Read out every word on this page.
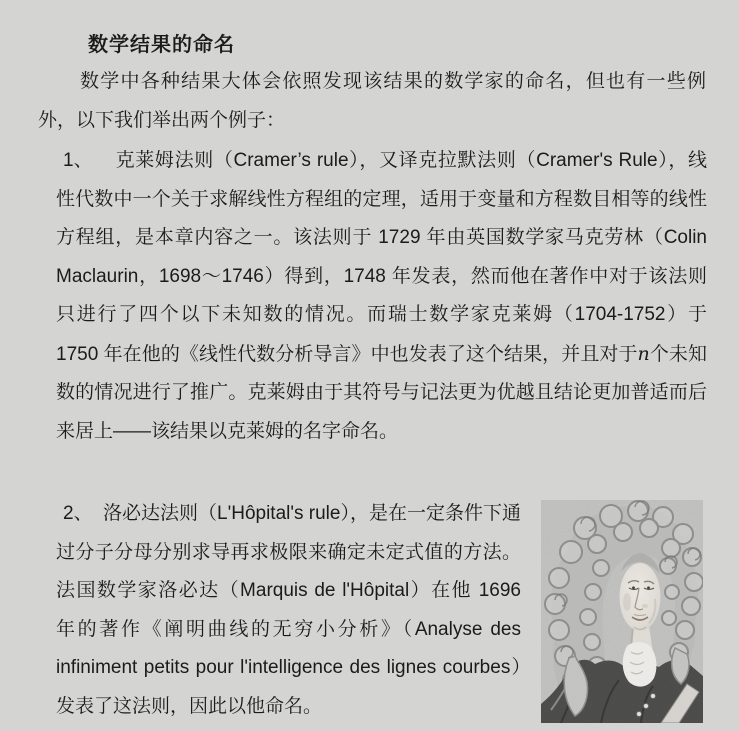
数学结果的命名

数学中各种结果大体会依照发现该结果的数学家的命名，但也有一些例外，以下我们举出两个例子：

1、 克莱姆法则（Cramer’s rule），又译克拉默法则（Cramer's Rule），线性代数中一个关于求解线性方程组的定理，适用于变量和方程数目相等的线性方程组，是本章内容之一。该法则于 1729 年由英国数学家马克劳林（Colin Maclaurin，1698～1746）得到，1748 年发表，然而他在著作中对于该法则只进行了四个以下未知数的情况。而瑞士数学家克莱姆（1704-1752）于 1750 年在他的《线性代数分析导言》中也发表了这个结果，并且对于n个未知数的情况进行了推广。克莱姆由于其符号与记法更为优越且结论更加普适而后来居上——该结果以克莱姆的名字命名。

2、 洛必达法则（L'Hôpital's rule），是在一定条件下通过分子分母分别求导再求极限来确定未定式值的方法。法国数学家洛必达（Marquis de l'Hôpital）在他 1696 年的著作《阐明曲线的无穷小分析》（Analyse des infiniment petits pour l'intelligence des lignes courbes）发表了这法则，因此以他命名。
